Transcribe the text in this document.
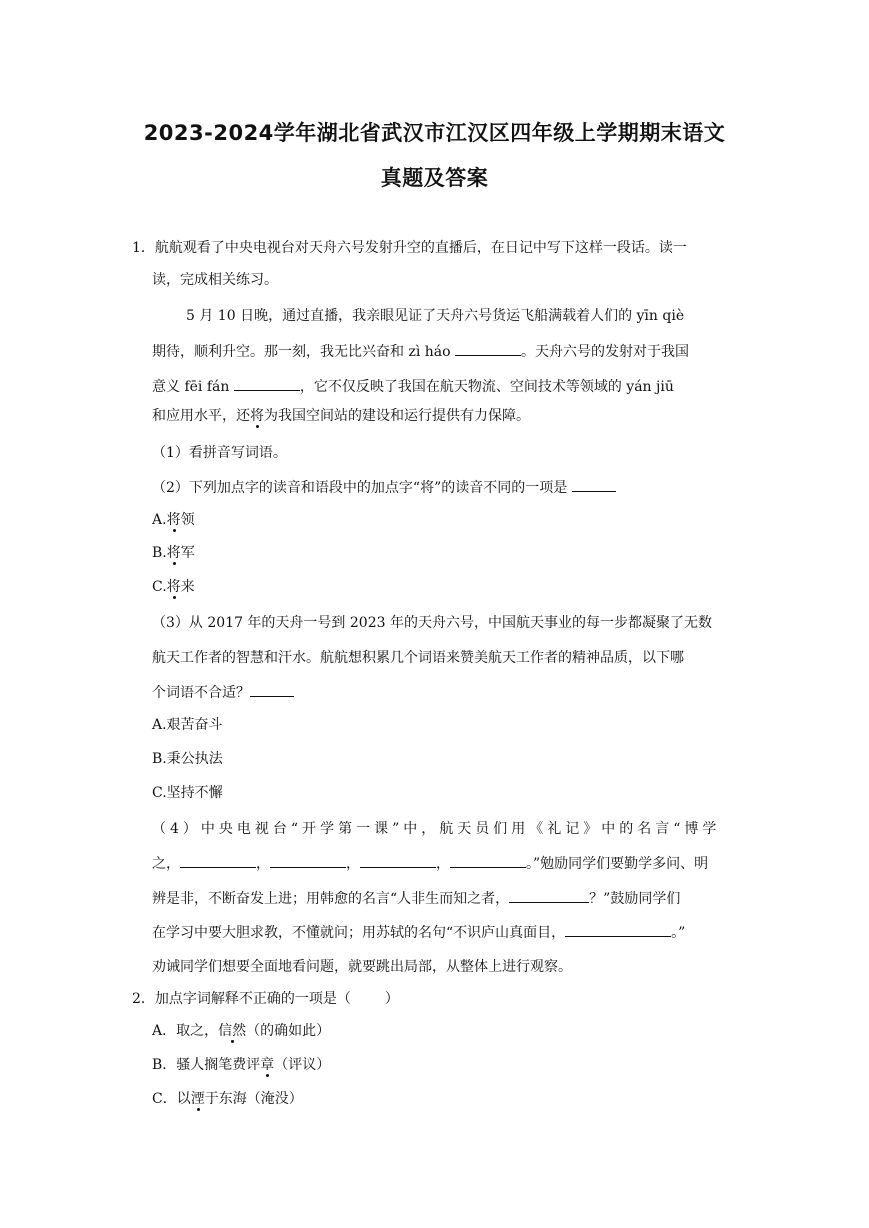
2023-2024学年湖北省武汉市江汉区四年级上学期期末语文
真题及答案
1．航航观看了中央电视台对天舟六号发射升空的直播后，在日记中写下这样一段话。读一
读，完成相关练习。
5 月 10 日晚，通过直播，我亲眼见证了天舟六号货运飞船满载着人们的 yīn qiè
期待，顺利升空。那一刻，我无比兴奋和 zì háo	。天舟六号的发射对于我国
意义 fēi fán	，它不仅反映了我国在航天物流、空间技术等领域的 yán jiū
和应用水平，还将为我国空间站的建设和运行提供有力保障。
（1）看拼音写词语。
（2）下列加点字的读音和语段中的加点字“将”的读音不同的一项是
A.将领
B.将军
C.将来
（3）从 2017 年的天舟一号到 2023 年的天舟六号，中国航天事业的每一步都凝聚了无数
航天工作者的智慧和汗水。航航想积累几个词语来赞美航天工作者的精神品质，以下哪
个词语不合适？
A.艰苦奋斗
B.秉公执法
C.坚持不懈
（4）中央电视台“开学第一课”中，航天员们用《礼记》中的名言“博学
之，	，	，	，	。”勉励同学们要勤学多问、明
辨是非，不断奋发上进；用韩愈的名言“人非生而知之者，	？”鼓励同学们
在学习中要大胆求教，不懂就问；用苏轼的名句“不识庐山真面目，	。”
劝诫同学们想要全面地看问题，就要跳出局部，从整体上进行观察。
2．加点字词解释不正确的一项是（ ）
A．取之，信然（的确如此）
B．骚人搁笔费评章（评议）
C．以湮于东海（淹没）
